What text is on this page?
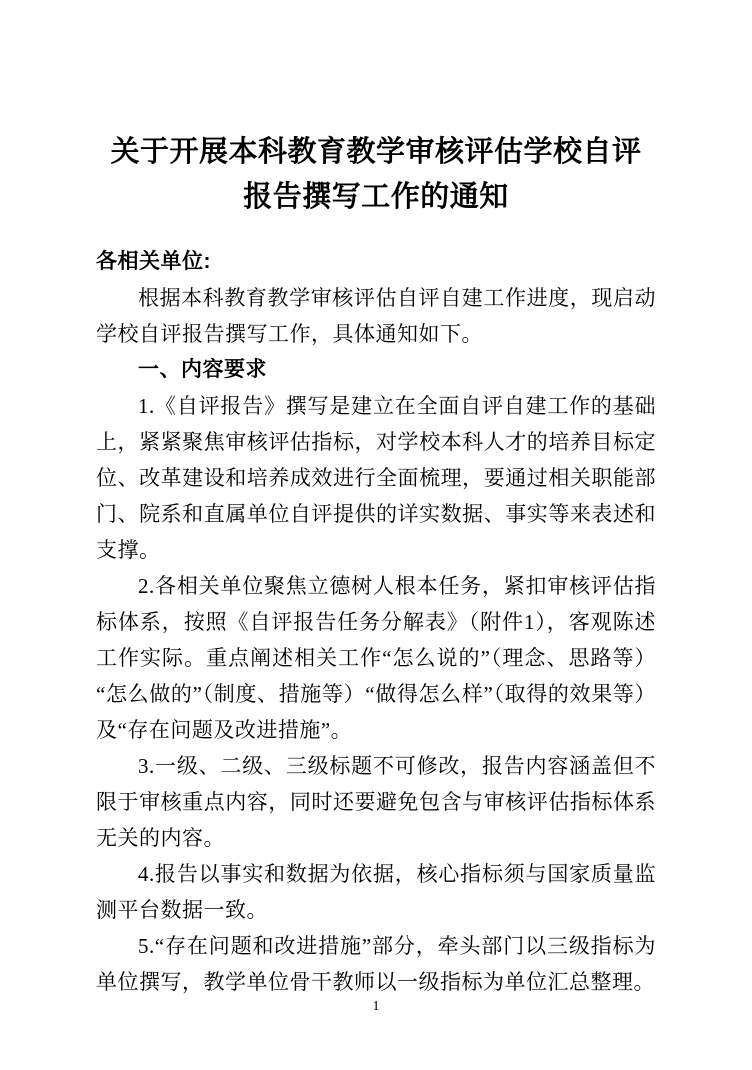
关于开展本科教育教学审核评估学校自评报告撰写工作的通知

各相关单位:

根据本科教育教学审核评估自评自建工作进度，现启动学校自评报告撰写工作，具体通知如下。

一、内容要求

1.《自评报告》撰写是建立在全面自评自建工作的基础上，紧紧聚焦审核评估指标，对学校本科人才的培养目标定位、改革建设和培养成效进行全面梳理，要通过相关职能部门、院系和直属单位自评提供的详实数据、事实等来表述和支撑。

2.各相关单位聚焦立德树人根本任务，紧扣审核评估指标体系，按照《自评报告任务分解表》（附件1），客观陈述工作实际。重点阐述相关工作“怎么说的”（理念、思路等）“怎么做的”（制度、措施等）“做得怎么样”（取得的效果等）及“存在问题及改进措施”。

3.一级、二级、三级标题不可修改，报告内容涵盖但不限于审核重点内容，同时还要避免包含与审核评估指标体系无关的内容。

4.报告以事实和数据为依据，核心指标须与国家质量监测平台数据一致。

5.“存在问题和改进措施”部分，牵头部门以三级指标为单位撰写，教学单位骨干教师以一级指标为单位汇总整理。

1
